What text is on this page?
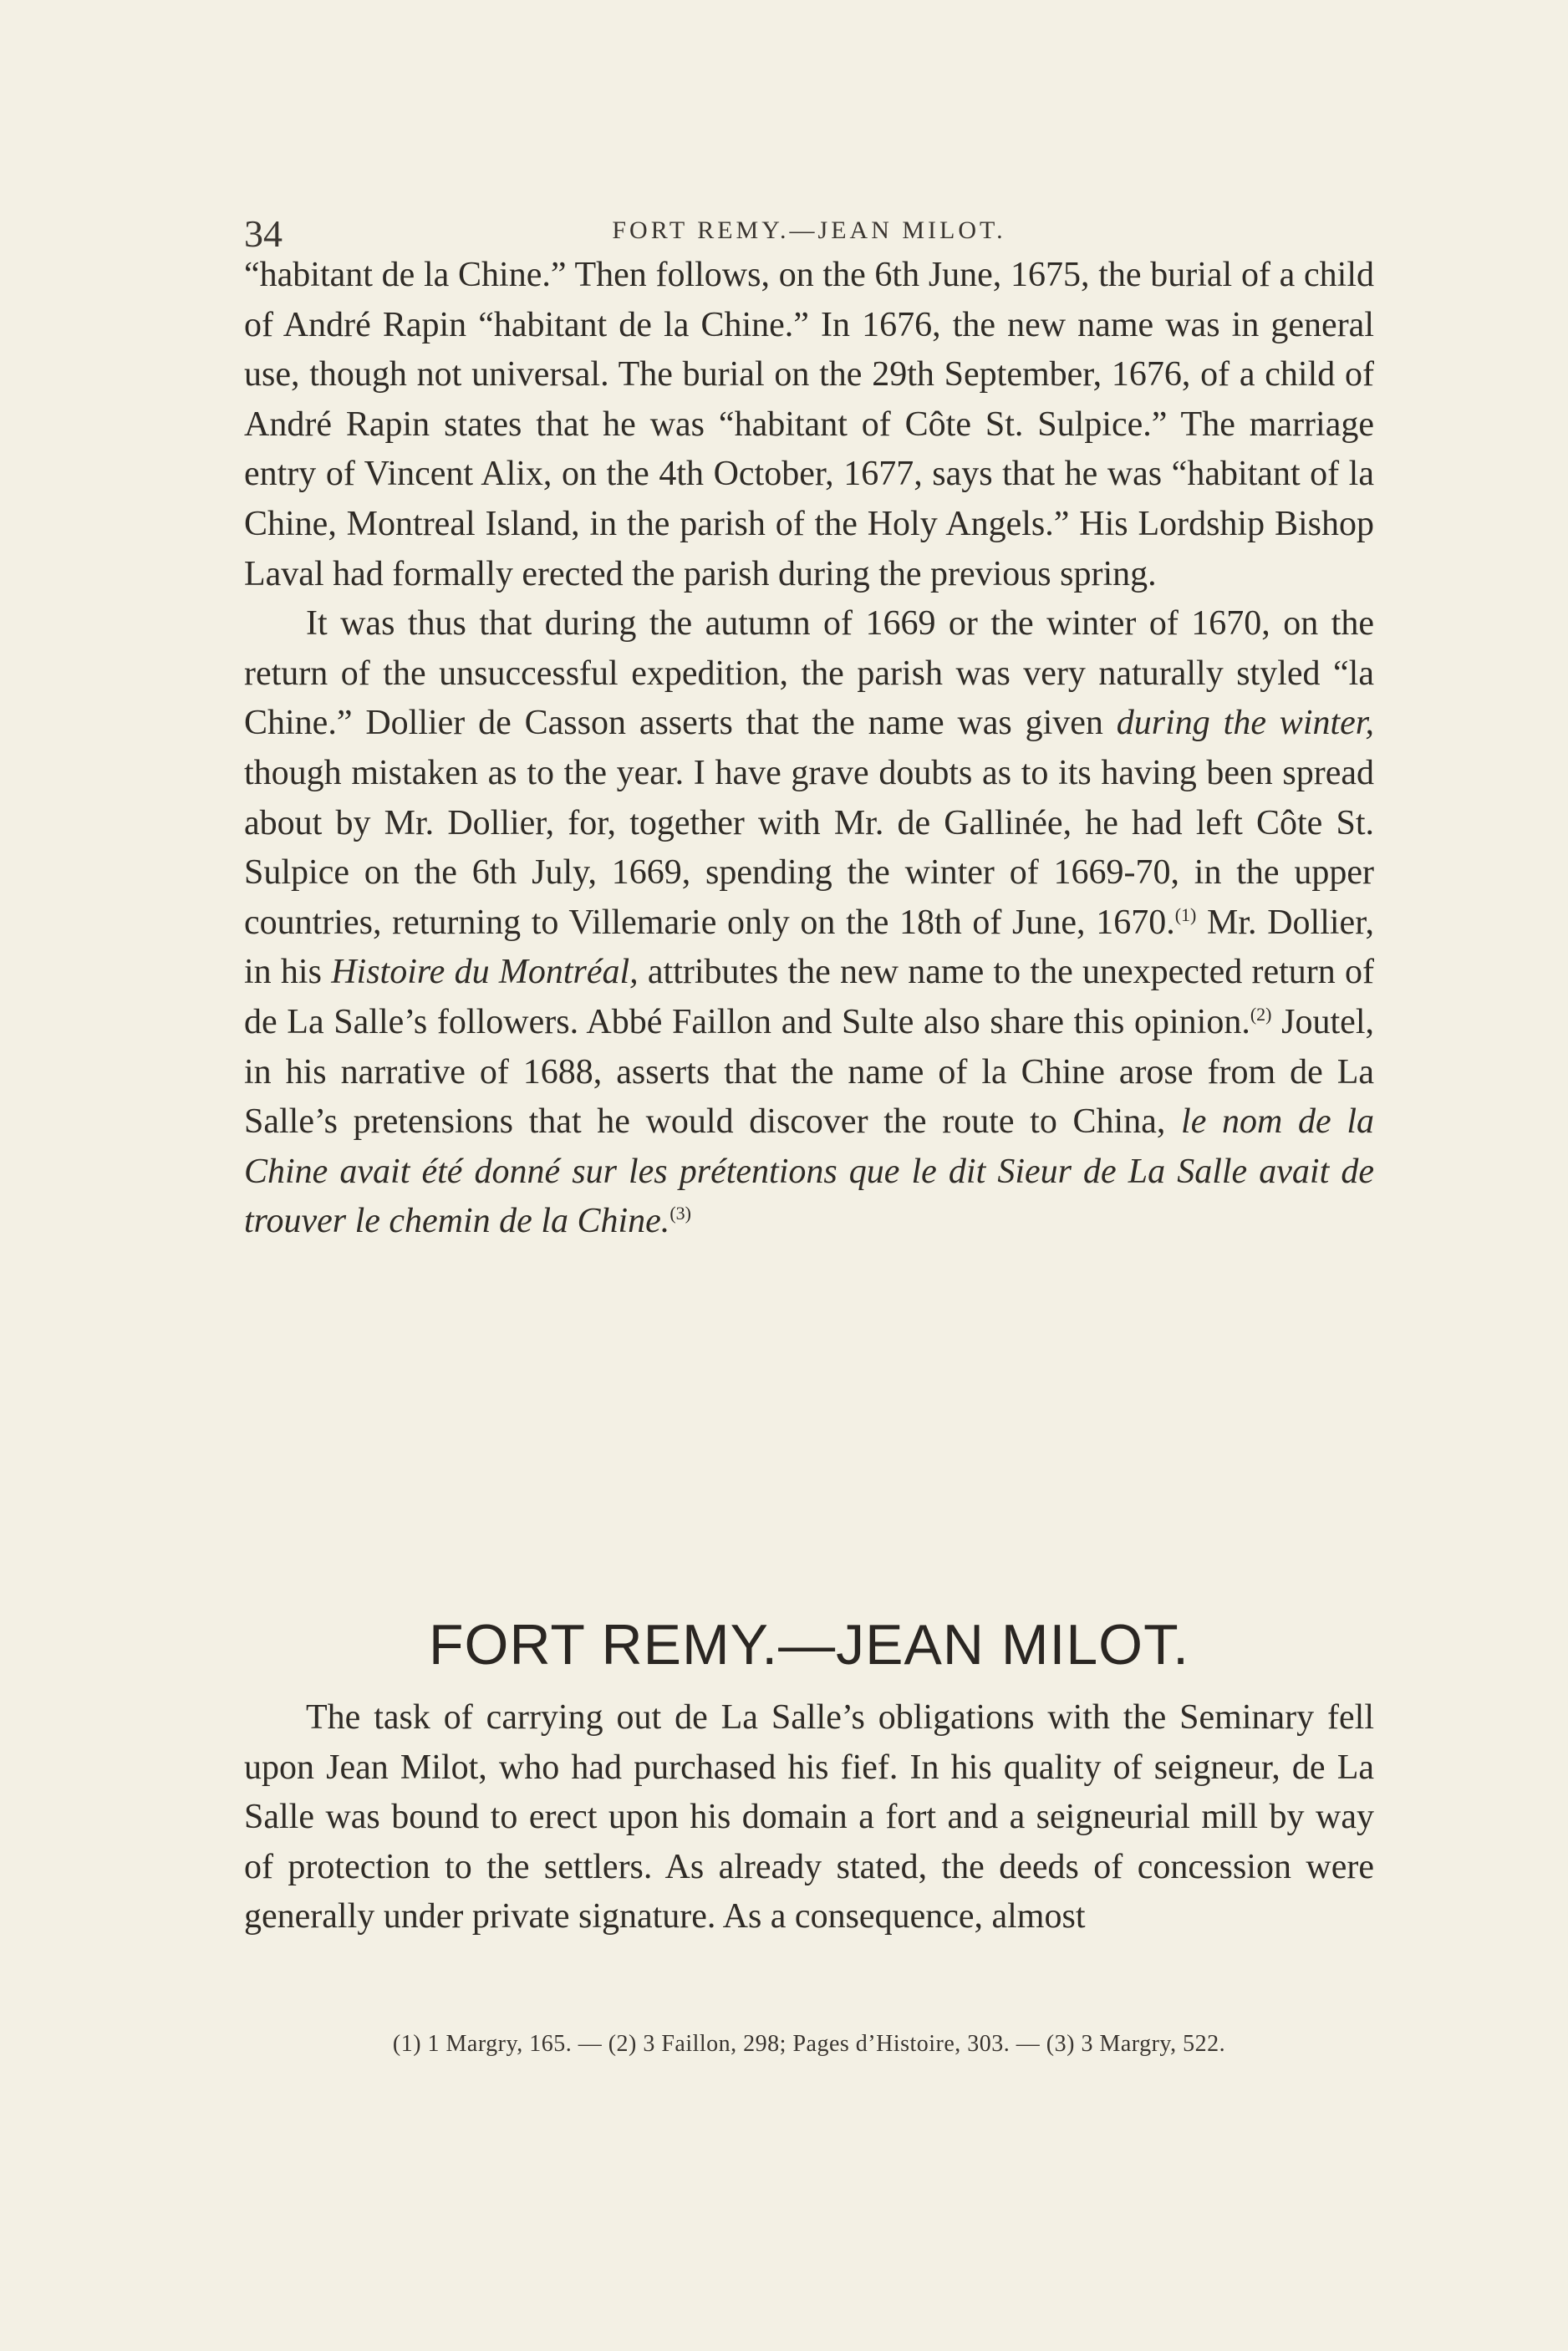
34	FORT REMY.—JEAN MILOT.

“habitant de la Chine.” Then follows, on the 6th June, 1675, the burial of a child of André Rapin “habitant de la Chine.” In 1676, the new name was in general use, though not universal. The burial on the 29th September, 1676, of a child of André Rapin states that he was “habitant of Côte St. Sulpice.” The marriage entry of Vincent Alix, on the 4th October, 1677, says that he was “habitant of la Chine, Montreal Island, in the parish of the Holy Angels.” His Lordship Bishop Laval had formally erected the parish during the previous spring.

It was thus that during the autumn of 1669 or the winter of 1670, on the return of the unsuccessful expedition, the parish was very naturally styled “la Chine.” Dollier de Casson asserts that the name was given during the winter, though mistaken as to the year. I have grave doubts as to its having been spread about by Mr. Dollier, for, together with Mr. de Gallinée, he had left Côte St. Sulpice on the 6th July, 1669, spending the winter of 1669-70, in the upper countries, returning to Villemarie only on the 18th of June, 1670.$^{(1)}$ Mr. Dollier, in his Histoire du Montréal, attributes the new name to the unexpected return of de La Salle’s followers. Abbé Faillon and Sulte also share this opinion.$^{(2)}$ Joutel, in his narrative of 1688, asserts that the name of la Chine arose from de La Salle’s pretensions that he would discover the route to China, le nom de la Chine avait été donné sur les prétentions que le dit Sieur de La Salle avait de trouver le chemin de la Chine.$^{(3)}$

FORT REMY.—JEAN MILOT.

The task of carrying out de La Salle’s obligations with the Seminary fell upon Jean Milot, who had purchased his fief. In his quality of seigneur, de La Salle was bound to erect upon his domain a fort and a seigneurial mill by way of protection to the settlers. As already stated, the deeds of concession were generally under private signature. As a consequence, almost

(1) 1 Margry, 165. — (2) 3 Faillon, 298; Pages d’Histoire, 303. — (3) 3 Margry, 522.
